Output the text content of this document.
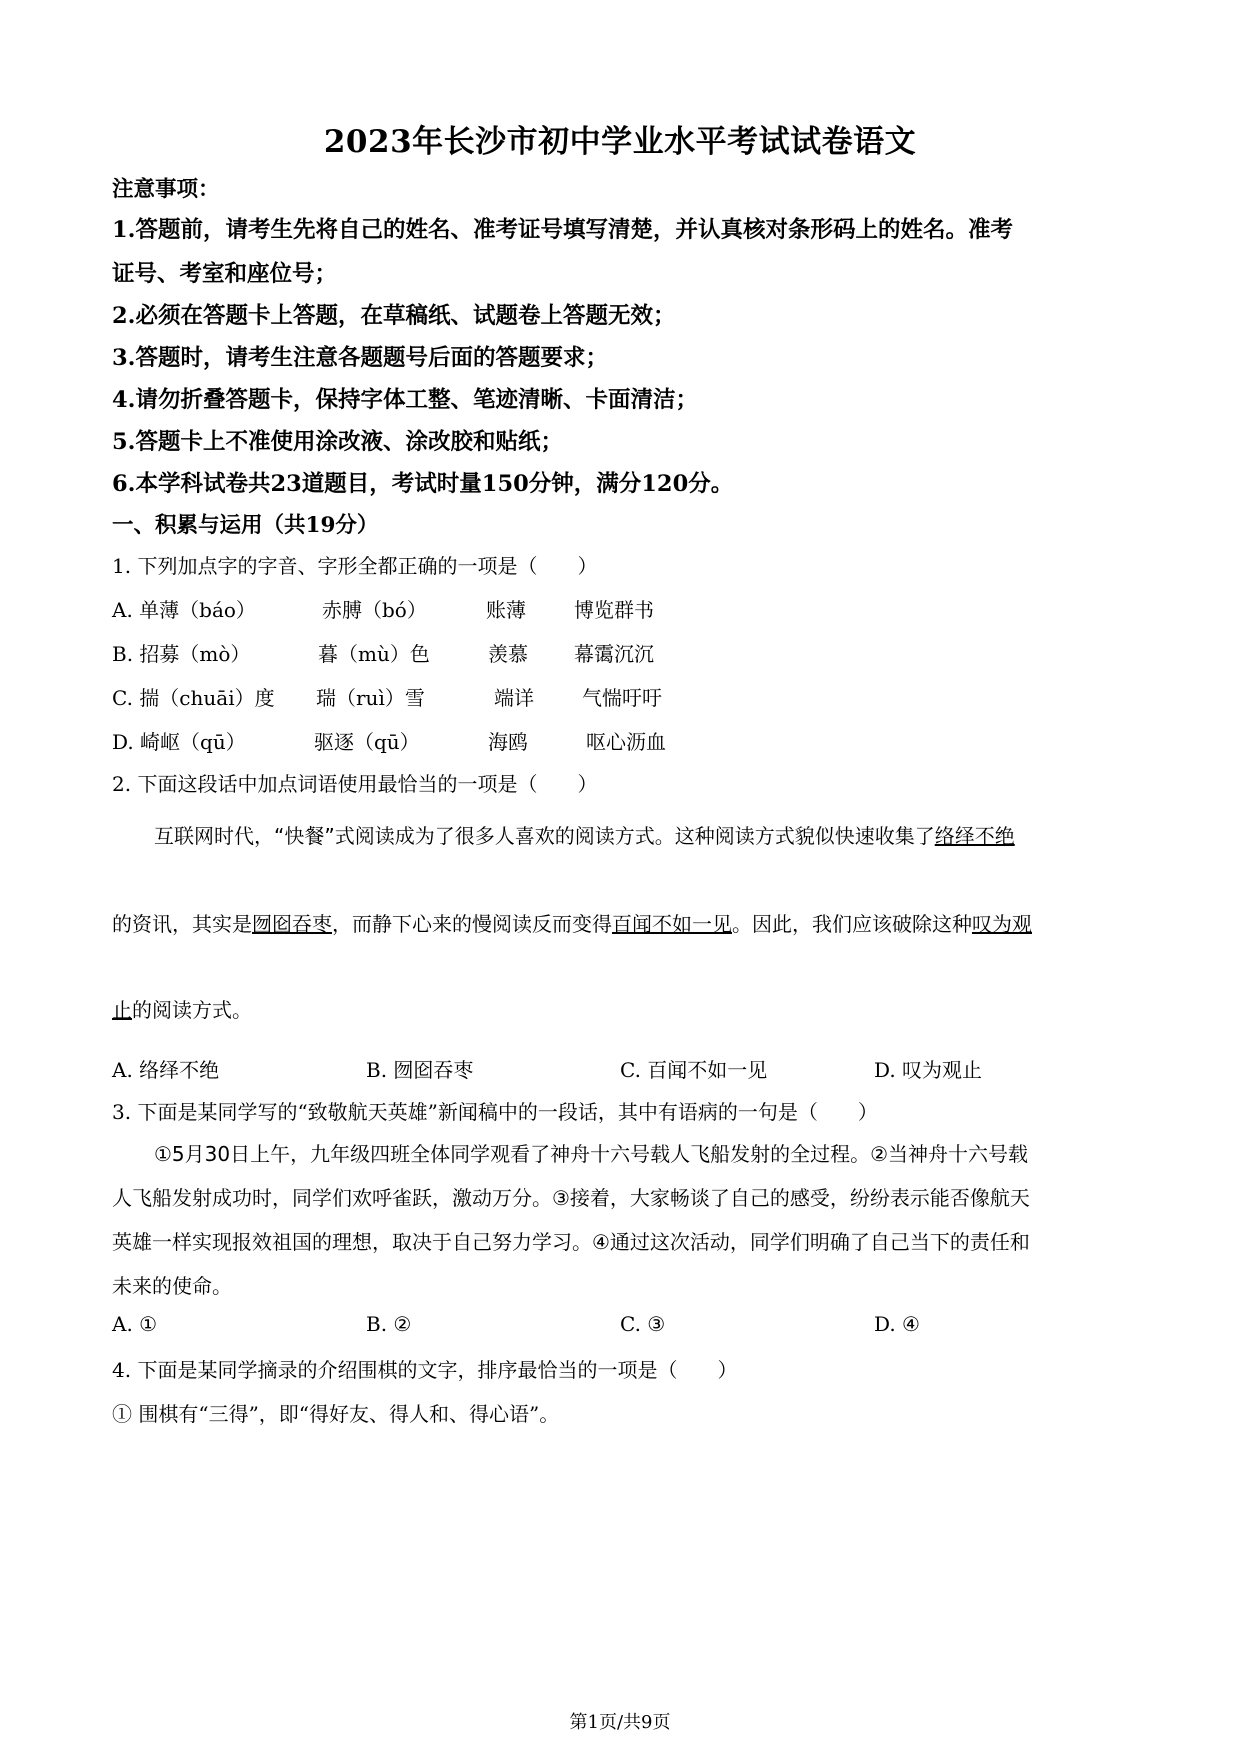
2023年长沙市初中学业水平考试试卷语文
注意事项：
1.答题前，请考生先将自己的姓名、准考证号填写清楚，并认真核对条形码上的姓名。准考
证号、考室和座位号；
2.必须在答题卡上答题，在草稿纸、试题卷上答题无效；
3.答题时，请考生注意各题题号后面的答题要求；
4.请勿折叠答题卡，保持字体工整、笔迹清晰、卡面清洁；
5.答题卡上不准使用涂改液、涂改胶和贴纸；
6.本学科试卷共23道题目，考试时量150分钟，满分120分。
一、积累与运用（共19分）
1. 下列加点字的字音、字形全都正确的一项是（　　）
A. 单薄（báo）	赤膊（bó）	账薄 博览群书
B. 招募（mò）	暮（mù）色	羡慕 幕霭沉沉
C. 揣（chuāi）度 瑞（ruì）雪	端详 气惴吁吁
D. 崎岖（qū）	驱逐（qū）	海鸥	呕心沥血
2. 下面这段话中加点词语使用最恰当的一项是（　　）
互联网时代，“快餐”式阅读成为了很多人喜欢的阅读方式。这种阅读方式貌似快速收集了络绎不绝
的资讯，其实是囫囵吞枣，而静下心来的慢阅读反而变得百闻不如一见。因此，我们应该破除这种叹为观
止的阅读方式。
A. 络绎不绝	B. 囫囵吞枣	C. 百闻不如一见	D. 叹为观止
3. 下面是某同学写的“致敬航天英雄”新闻稿中的一段话，其中有语病的一句是（　　）
①5月30日上午，九年级四班全体同学观看了神舟十六号载人飞船发射的全过程。②当神舟十六号载
人飞船发射成功时，同学们欢呼雀跃，激动万分。③接着，大家畅谈了自己的感受，纷纷表示能否像航天
英雄一样实现报效祖国的理想，取决于自己努力学习。④通过这次活动，同学们明确了自己当下的责任和
未来的使命。
A. ①	B. ②	C. ③	D. ④
4. 下面是某同学摘录的介绍围棋的文字，排序最恰当的一项是（　　）
① 围棋有“三得”，即“得好友、得人和、得心语”。
第1页/共9页
